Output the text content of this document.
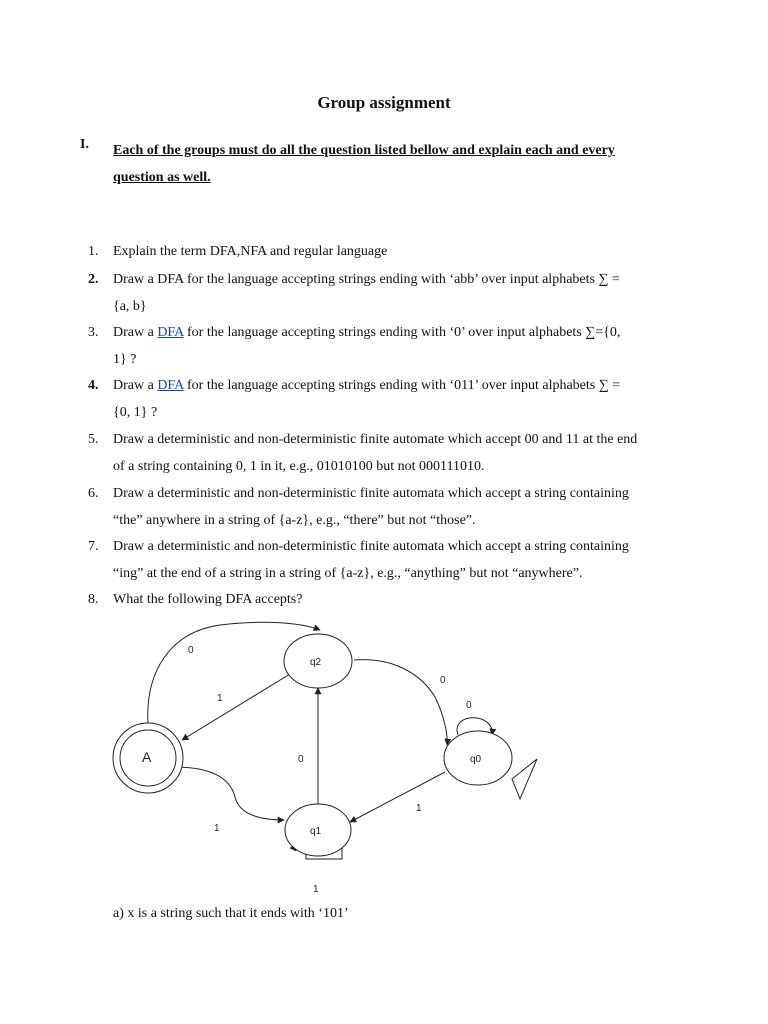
Group assignment
I. Each of the groups must do all the question listed bellow and explain each and every
question as well.
1.	Explain the term DFA,NFA and regular language
2.	Draw a DFA for the language accepting strings ending with ‘abb’ over input alphabets ∑ =
{a, b}
3.	Draw a DFA for the language accepting strings ending with ‘0’ over input alphabets ∑={0,
1} ?
4.	Draw a DFA for the language accepting strings ending with ‘011’ over input alphabets ∑ =
{0, 1} ?
5.	Draw a deterministic and non-deterministic finite automate which accept 00 and 11 at the end
of a string containing 0, 1 in it, e.g., 01010100 but not 000111010.
6.	Draw a deterministic and non-deterministic finite automata which accept a string containing
“the” anywhere in a string of {a-z}, e.g., “there” but not “those”.
7.	Draw a deterministic and non-deterministic finite automata which accept a string containing
“ing” at the end of a string in a string of {a-z}, e.g., “anything” but not “anywhere”.
8.	What the following DFA accepts?
q2
A	q0
q1
0
1
0
0
0
1
1
1
a) x is a string such that it ends with ‘101’
